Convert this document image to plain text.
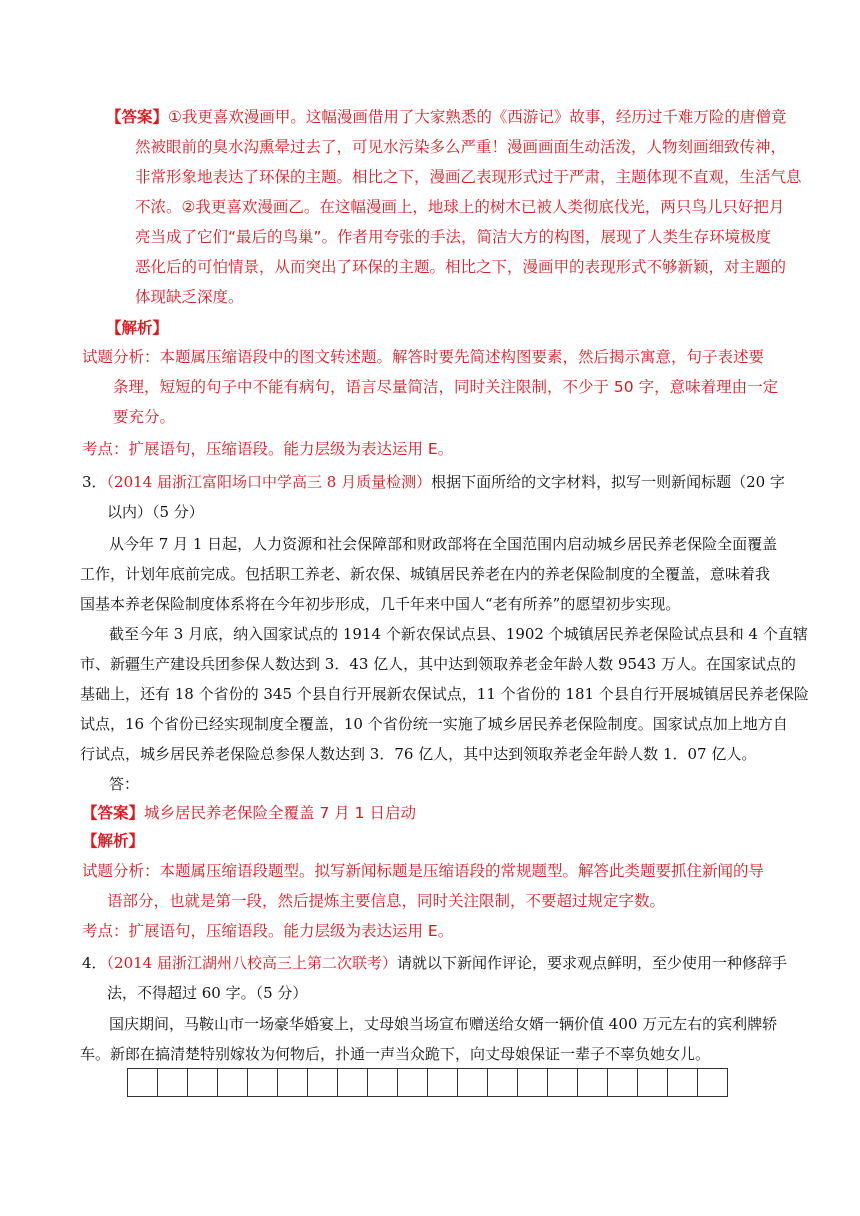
【答案】①我更喜欢漫画甲。这幅漫画借用了大家熟悉的《西游记》故事，经历过千难万险的唐僧竟
然被眼前的臭水沟熏晕过去了，可见水污染多么严重！漫画画面生动活泼，人物刻画细致传神，
非常形象地表达了环保的主题。相比之下，漫画乙表现形式过于严肃，主题体现不直观，生活气息
不浓。②我更喜欢漫画乙。在这幅漫画上，地球上的树木已被人类彻底伐光，两只鸟儿只好把月
亮当成了它们“最后的鸟巢”。作者用夸张的手法，简洁大方的构图，展现了人类生存环境极度
恶化后的可怕情景，从而突出了环保的主题。相比之下，漫画甲的表现形式不够新颖，对主题的
体现缺乏深度。
【解析】
试题分析：本题属压缩语段中的图文转述题。解答时要先简述构图要素，然后揭示寓意，句子表述要
条理，短短的句子中不能有病句，语言尽量简洁，同时关注限制，不少于 50 字，意味着理由一定
要充分。
考点：扩展语句，压缩语段。能力层级为表达运用 E。
3．（2014 届浙江富阳场口中学高三 8 月质量检测）根据下面所给的文字材料，拟写一则新闻标题（20 字
以内）（5 分）
从今年 7 月 1 日起，人力资源和社会保障部和财政部将在全国范围内启动城乡居民养老保险全面覆盖
工作，计划年底前完成。包括职工养老、新农保、城镇居民养老在内的养老保险制度的全覆盖，意味着我
国基本养老保险制度体系将在今年初步形成，几千年来中国人“老有所养”的愿望初步实现。
截至今年 3 月底，纳入国家试点的 1914 个新农保试点县、1902 个城镇居民养老保险试点县和 4 个直辖
市、新疆生产建设兵团参保人数达到 3．43 亿人，其中达到领取养老金年龄人数 9543 万人。在国家试点的
基础上，还有 18 个省份的 345 个县自行开展新农保试点，11 个省份的 181 个县自行开展城镇居民养老保险
试点，16 个省份已经实现制度全覆盖，10 个省份统一实施了城乡居民养老保险制度。国家试点加上地方自
行试点，城乡居民养老保险总参保人数达到 3．76 亿人，其中达到领取养老金年龄人数 1．07 亿人。
答：
【答案】城乡居民养老保险全覆盖 7 月 1 日启动
【解析】
试题分析：本题属压缩语段题型。拟写新闻标题是压缩语段的常规题型。解答此类题要抓住新闻的导
语部分，也就是第一段，然后提炼主要信息，同时关注限制，不要超过规定字数。
考点：扩展语句，压缩语段。能力层级为表达运用 E。
4．（2014 届浙江湖州八校高三上第二次联考）请就以下新闻作评论，要求观点鲜明，至少使用一种修辞手
法，不得超过 60 字。（5 分）
国庆期间，马鞍山市一场豪华婚宴上，丈母娘当场宣布赠送给女婿一辆价值 400 万元左右的宾利牌轿
车。新郎在搞清楚特别嫁妆为何物后，扑通一声当众跪下，向丈母娘保证一辈子不辜负她女儿。
